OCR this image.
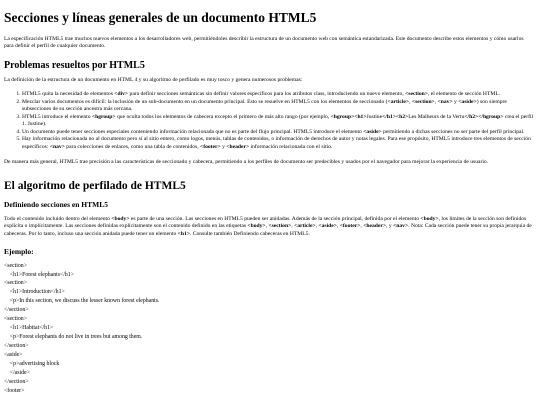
Secciones y líneas generales de un documento HTML5

La especificación HTML5 trae muchos nuevos elementos a los desarrolladores web, permitiéndoles describir la estructura de un documento web con semántica estandarizada. Este documento describe estos elementos y cómo usarlos para definir el perfil de cualquier documento.

Problemas resueltos por HTML5

La definición de la estructura de un documento en HTML 4 y su algoritmo de perfilado es muy tosco y genera numerosos problemas:

1. HTML5 quita la necesidad de elementos <div> para definir secciones semánticas sin definir valores específicos para los atributos class, introduciendo un nuevo elemento, <section>, el elemento de sección HTML.
2. Mezclar varios documentos es difícil: la inclusión de un sub-documento en un documento principal. Esto se resuelve en HTML5 con los elementos de seccionado (<article>, <section>, <nav> y <aside>) son siempre subsecciones de su sección ancestra más cercana.
3. HTML5 introduce el elemento <hgroup> que oculta todos los elementos de cabecera excepto el primero de más alto rango (por ejemplo, <hgroup><h1>Justine</h1><h2>Les Malheurs de la Vertu</h2></hgroup> crea el perfil 1. Justine).
4. Un documento puede tener secciones especiales conteniendo información relacionada que no es parte del flujo principal. HTML5 introduce el elemento <aside> permitiendo a dichas secciones no ser parte del perfil principal.
5. Hay información relacionada no al documento pero sí al sitio entero, como logos, menús, tablas de contenidos, o información de derechos de autor y notas legales. Para ese propósito, HTML5 introduce tres elementos de sección específicos: <nav> para colecciones de enlaces, como una tabla de contenidos, <footer> y <header> información relacionada con el sitio.

De manera más general, HTML5 trae precisión a las características de seccionado y cabecera, permitiendo a los perfiles de documento ser predecibles y usados por el navegador para mejorar la experiencia de usuario.

El algoritmo de perfilado de HTML5
Definiendo secciones en HTML5

Todo el contenido incluido dentro del elemento <body> es parte de una sección. Las secciones en HTML5 pueden ser anidadas. Además de la sección principal, definida por el elemento <body>, los límites de la sección son definidos explícita o implícitamente. Las secciones definidas explícitamente son el contenido definido en las etiquetas <body>, <section>, <article>, <aside>, <footer>, <header>, y <nav>. Nota: Cada sección puede tener su propia jerarquía de cabeceras. Por lo tanto, incluso una sección anidada puede tener un elemento <h1>. Consulte también Definiendo cabeceras en HTML5.

Ejemplo:
<section>
<h1>Forest elephants</h1>
<section>
<h1>Introduction</h1>
<p>In this section, we discuss the lesser known forest elephants.
</section>
<section>
<h1>Habitat</h1>
<p>Forest elephants do not live in trees but among them.
</section>
<aside>
<p>advertising block
</aside>
</section>
<footer>
